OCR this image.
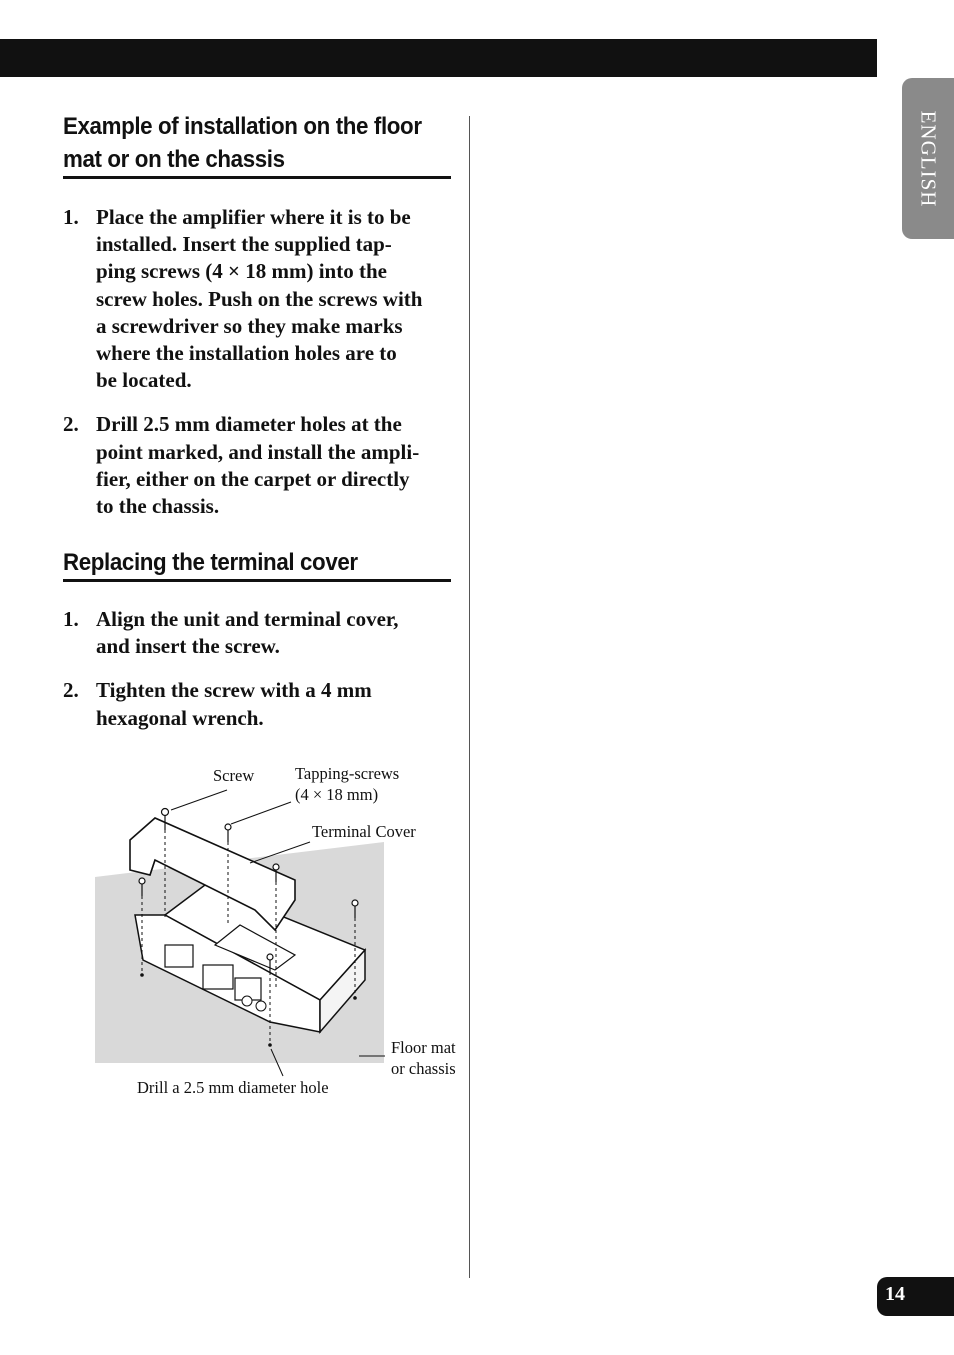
ENGLISH
Example of installation on the floor
mat or on the chassis
1. Place the amplifier where it is to be
installed. Insert the supplied tap-
ping screws (4 × 18 mm) into the
screw holes. Push on the screws with
a screwdriver so they make marks
where the installation holes are to
be located.
2. Drill 2.5 mm diameter holes at the
point marked, and install the ampli-
fier, either on the carpet or directly
to the chassis.
Replacing the terminal cover
1. Align the unit and terminal cover,
and insert the screw.
2. Tighten the screw with a 4 mm
hexagonal wrench.
Screw Tapping-screws
(4 × 18 mm)
Terminal Cover
Floor mat
or chassis
Drill a 2.5 mm diameter hole
14
